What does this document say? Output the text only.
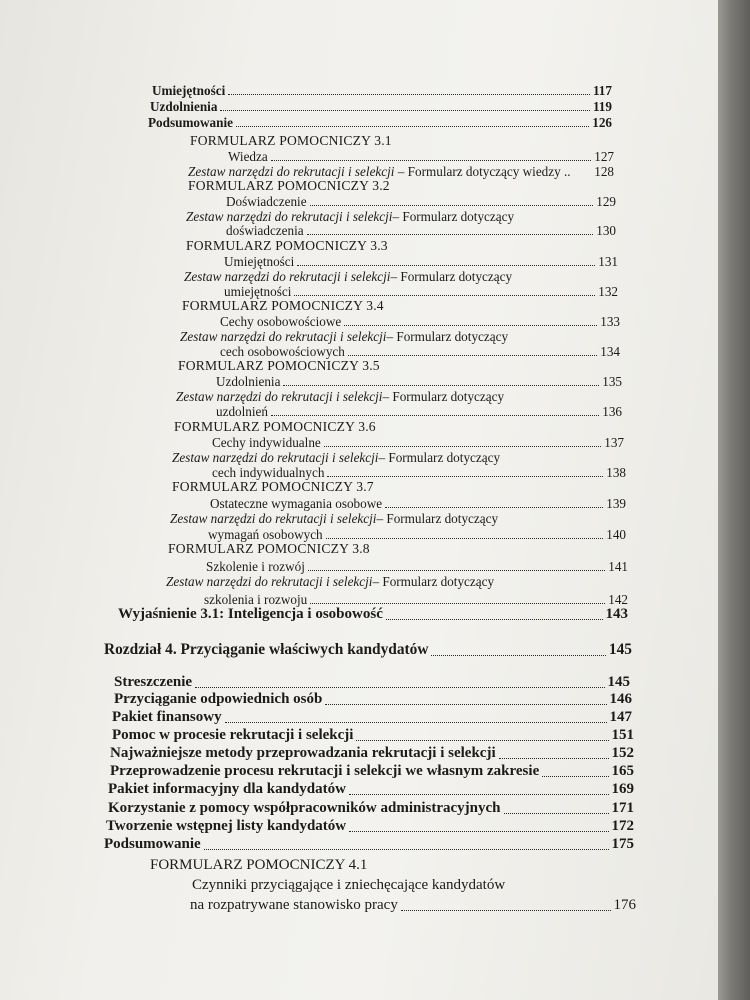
Umiejętności	117
Uzdolnienia	119
Podsumowanie	126
FORMULARZ POMOCNICZY 3.1
Wiedza	127
Zestaw narzędzi do rekrutacji i selekcji – Formularz dotyczący wiedzy .. 128
FORMULARZ POMOCNICZY 3.2
Doświadczenie	129
Zestaw narzędzi do rekrutacji i selekcji – Formularz dotyczący
doświadczenia	130
FORMULARZ POMOCNICZY 3.3
Umiejętności	131
Zestaw narzędzi do rekrutacji i selekcji – Formularz dotyczący
umiejętności	132
FORMULARZ POMOCNICZY 3.4
Cechy osobowościowe	133
Zestaw narzędzi do rekrutacji i selekcji – Formularz dotyczący
cech osobowościowych	134
FORMULARZ POMOCNICZY 3.5
Uzdolnienia	135
Zestaw narzędzi do rekrutacji i selekcji – Formularz dotyczący
uzdolnień	136
FORMULARZ POMOCNICZY 3.6
Cechy indywidualne	137
Zestaw narzędzi do rekrutacji i selekcji – Formularz dotyczący
cech indywidualnych	138
FORMULARZ POMOCNICZY 3.7
Ostateczne wymagania osobowe	139
Zestaw narzędzi do rekrutacji i selekcji – Formularz dotyczący
wymagań osobowych	140
FORMULARZ POMOCNICZY 3.8
Szkolenie i rozwój	141
Zestaw narzędzi do rekrutacji i selekcji – Formularz dotyczący
szkolenia i rozwoju	142
Wyjaśnienie 3.1: Inteligencja i osobowość	143
Rozdział 4. Przyciąganie właściwych kandydatów	145
Streszczenie	145
Przyciąganie odpowiednich osób	146
Pakiet finansowy	147
Pomoc w procesie rekrutacji i selekcji	151
Najważniejsze metody przeprowadzania rekrutacji i selekcji	152
Przeprowadzenie procesu rekrutacji i selekcji we własnym zakresie	165
Pakiet informacyjny dla kandydatów	169
Korzystanie z pomocy współpracowników administracyjnych	171
Tworzenie wstępnej listy kandydatów	172
Podsumowanie	175
FORMULARZ POMOCNICZY 4.1
Czynniki przyciągające i zniechęcające kandydatów
na rozpatrywane stanowisko pracy	176
